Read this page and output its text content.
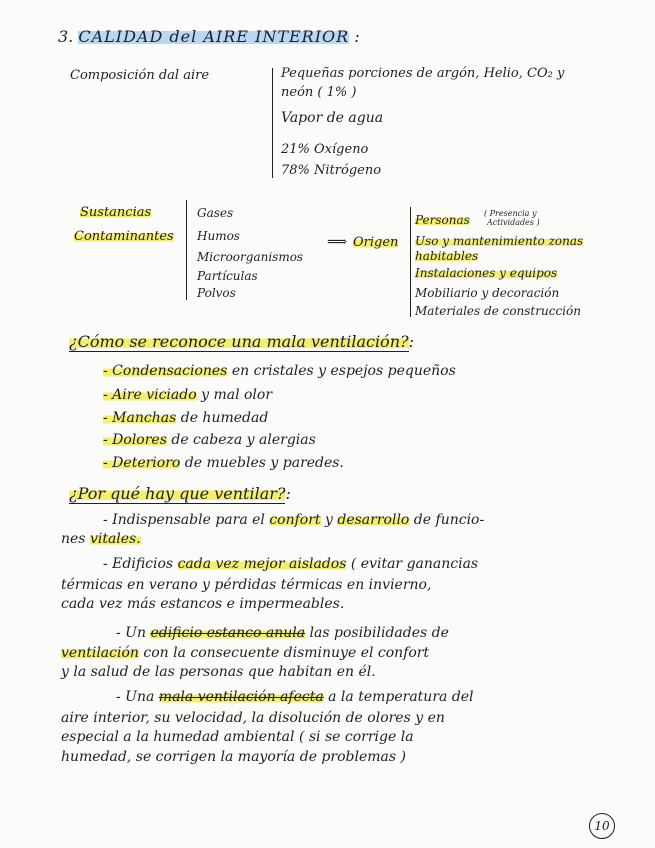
3. CALIDAD del AIRE INTERIOR :
Composición dal aire	Pequeñas porciones de argón, Helio, CO₂ y
neón ( 1% )
Vapor de agua
21% Oxígeno
78% Nitrógeno
Sustancias
Contaminantes
Gases
Humos
Microorganismos
Partículas
Polvos
⟹ Origen
Personas ( Presencia y
Actividades )
Uso y mantenimiento zonas
habitables
Instalaciones y equipos
Mobiliario y decoración
Materiales de construcción
¿Cómo se reconoce una mala ventilación?:
- Condensaciones en cristales y espejos pequeños
- Aire viciado y mal olor
- Manchas de humedad
- Dolores de cabeza y alergias
- Deterioro de muebles y paredes.
¿Por qué hay que ventilar?:
- Indispensable para el confort y desarrollo de funcio-
nes vitales.
- Edificios cada vez mejor aislados ( evitar ganancias
térmicas en verano y pérdidas térmicas en invierno,
cada vez más estancos e impermeables.
- Un edificio estanco anula las posibilidades de
ventilación con la consecuente disminuye el confort
y la salud de las personas que habitan en él.
- Una mala ventilación afecta a la temperatura del
aire interior, su velocidad, la disolución de olores y en
especial a la humedad ambiental ( si se corrige la
humedad, se corrigen la mayoría de problemas )
10
